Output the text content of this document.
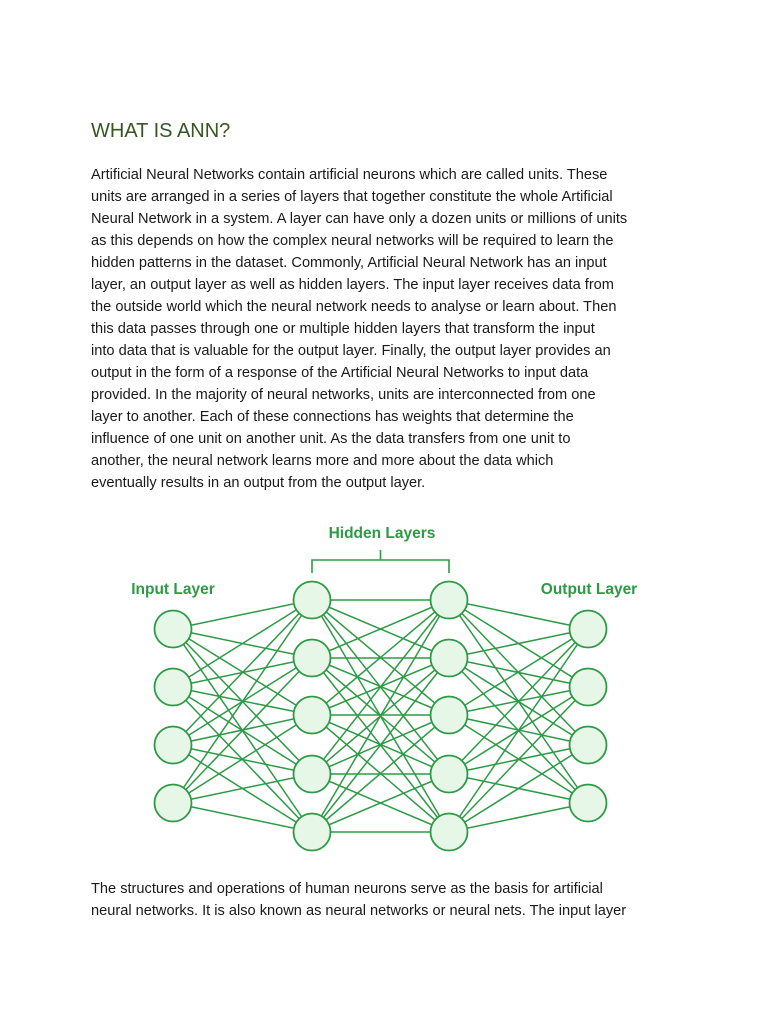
WHAT IS ANN?
Artificial Neural Networks contain artificial neurons which are called units. These
units are arranged in a series of layers that together constitute the whole Artificial
Neural Network in a system. A layer can have only a dozen units or millions of units
as this depends on how the complex neural networks will be required to learn the
hidden patterns in the dataset. Commonly, Artificial Neural Network has an input
layer, an output layer as well as hidden layers. The input layer receives data from
the outside world which the neural network needs to analyse or learn about. Then
this data passes through one or multiple hidden layers that transform the input
into data that is valuable for the output layer. Finally, the output layer provides an
output in the form of a response of the Artificial Neural Networks to input data
provided. In the majority of neural networks, units are interconnected from one
layer to another. Each of these connections has weights that determine the
influence of one unit on another unit. As the data transfers from one unit to
another, the neural network learns more and more about the data which
eventually results in an output from the output layer.
Hidden Layers
Input Layer	Output Layer
The structures and operations of human neurons serve as the basis for artificial
neural networks. It is also known as neural networks or neural nets. The input layer
